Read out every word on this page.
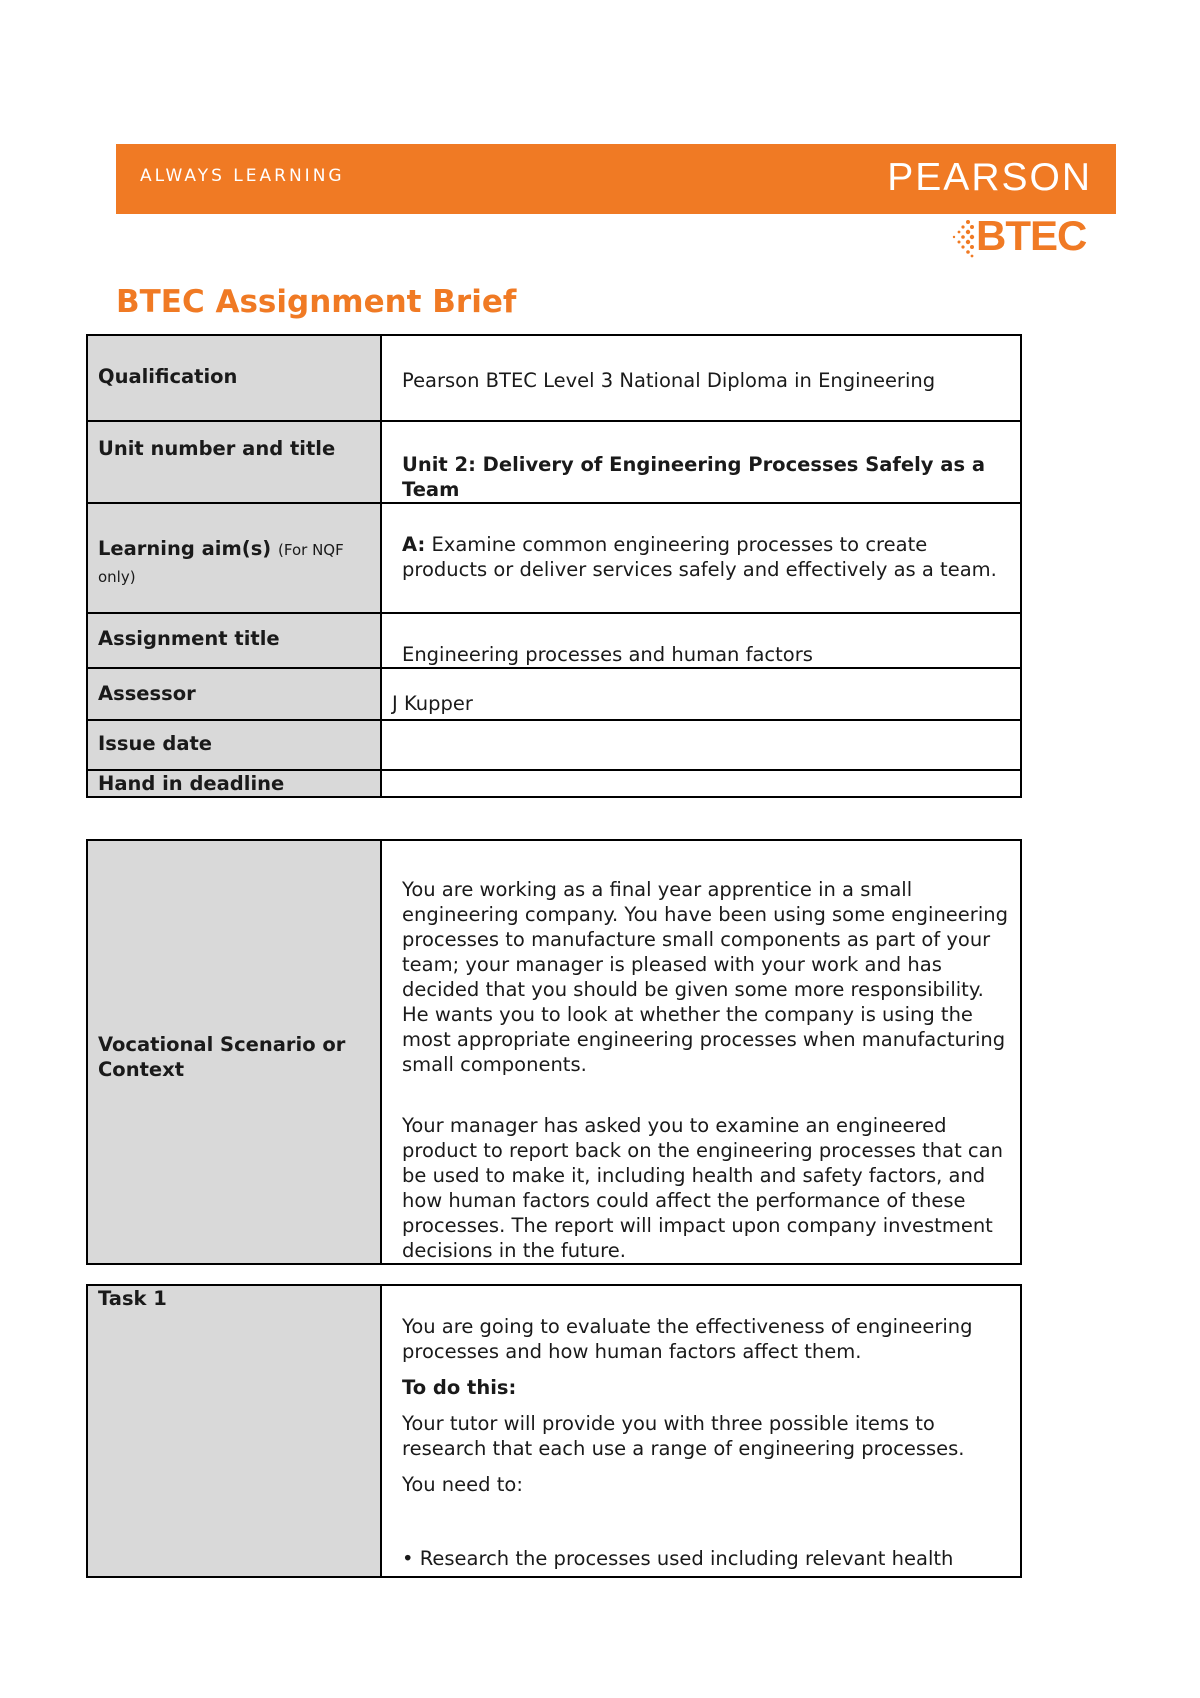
ALWAYS LEARNING	PEARSON
BTEC
BTEC Assignment Brief
Qualification	Pearson BTEC Level 3 National Diploma in Engineering
Unit number and title	Unit 2: Delivery of Engineering Processes Safely as a Team
Learning aim(s) (For NQF only)	A: Examine common engineering processes to create products or deliver services safely and effectively as a team.
Assignment title	Engineering processes and human factors
Assessor	J Kupper
Issue date	
Hand in deadline	
Vocational Scenario or Context	

You are working as a final year apprentice in a small engineering company. You have been using some engineering processes to manufacture small components as part of your team; your manager is pleased with your work and has decided that you should be given some more responsibility. He wants you to look at whether the company is using the most appropriate engineering processes when manufacturing small components.

Your manager has asked you to examine an engineered product to report back on the engineering processes that can be used to make it, including health and safety factors, and how human factors could affect the performance of these processes. The report will impact upon company investment decisions in the future.

Task 1	

You are going to evaluate the effectiveness of engineering processes and how human factors affect them.

To do this:

Your tutor will provide you with three possible items to research that each use a range of engineering processes.

You need to:

• Research the processes used including relevant health
